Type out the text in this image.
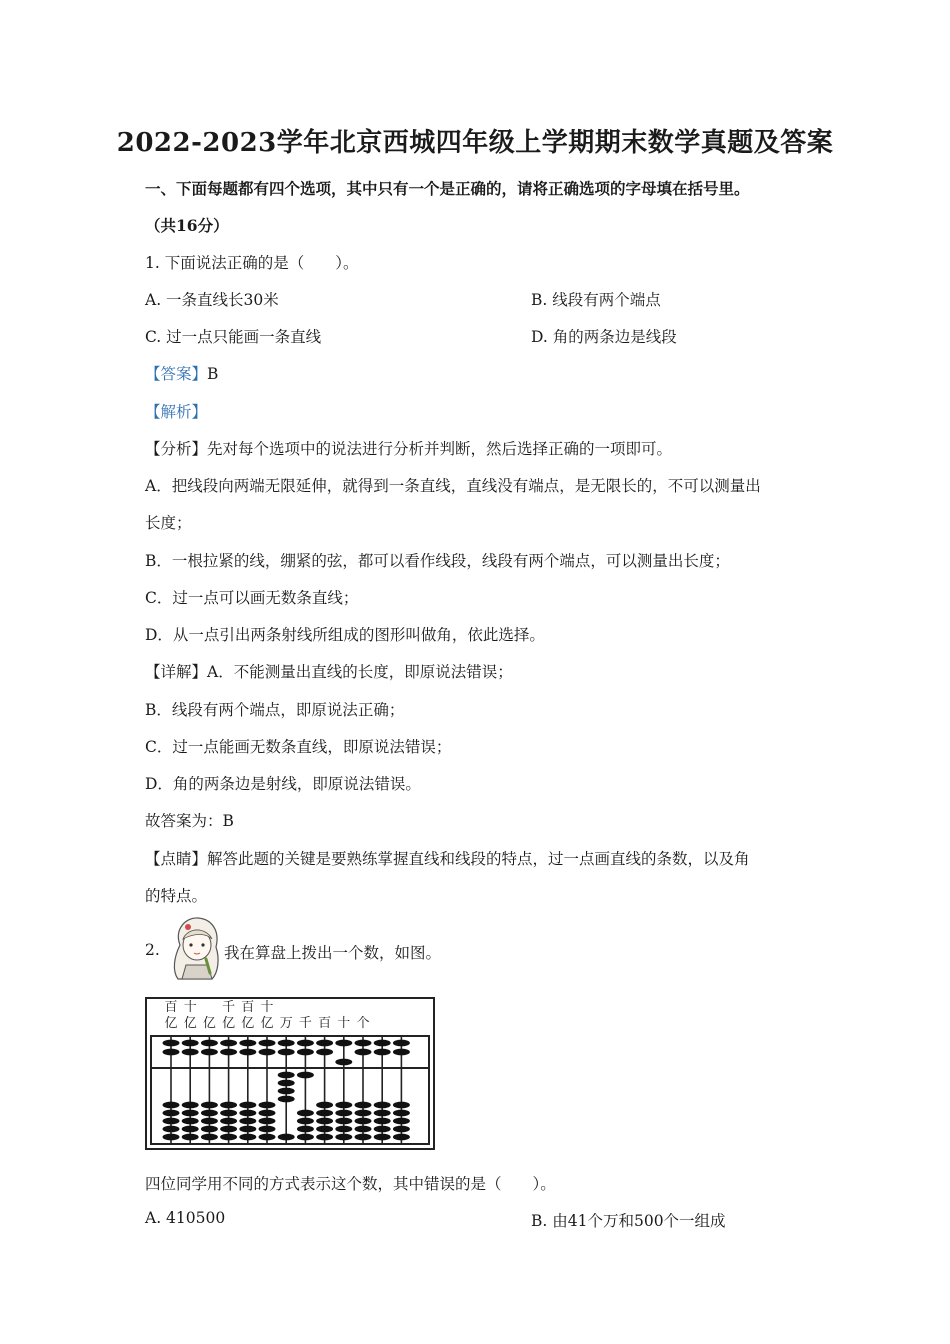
2022-2023学年北京西城四年级上学期期末数学真题及答案
一、下面每题都有四个选项，其中只有一个是正确的，请将正确选项的字母填在括号里。
（共16分）
1. 下面说法正确的是（　　）。
A. 一条直线长30米	B. 线段有两个端点
C. 过一点只能画一条直线	D. 角的两条边是线段
【答案】B
【解析】
【分析】先对每个选项中的说法进行分析并判断，然后选择正确的一项即可。
A．把线段向两端无限延伸，就得到一条直线，直线没有端点，是无限长的，不可以测量出
长度；
B．一根拉紧的线，绷紧的弦，都可以看作线段，线段有两个端点，可以测量出长度；
C．过一点可以画无数条直线；
D．从一点引出两条射线所组成的图形叫做角，依此选择。
【详解】A．不能测量出直线的长度，即原说法错误；
B．线段有两个端点，即原说法正确；
C．过一点能画无数条直线，即原说法错误；
D．角的两条边是射线，即原说法错误。
故答案为：B
【点睛】解答此题的关键是要熟练掌握直线和线段的特点，过一点画直线的条数，以及角
的特点。
2.	我在算盘上拨出一个数，如图。
百 十 千 百 十
亿 亿 亿 亿 亿 亿 万 千 百 十 个
四位同学用不同的方式表示这个数，其中错误的是（　　）。
A. 410500	B. 由41个万和500个一组成
